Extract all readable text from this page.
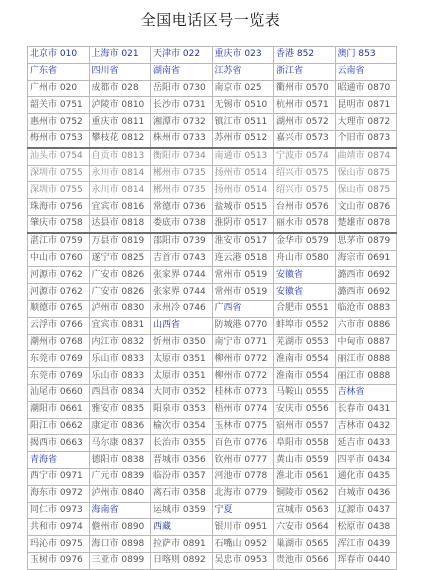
全国电话区号一览表
北京市 010	上海市 021	天津市 022	重庆市 023	香港 852	澳门 853
广东省	四川省	湖南省	江苏省	浙江省	云南省
广州市 020	成都市 028	岳阳市 0730	南京市 025	衢州市 0570	昭通市 0870
韶关市 0751	泸陵市 0810	长沙市 0731	无锡市 0510	杭州市 0571	昆明市 0871
惠州市 0752	重庆市 0811	湘潭市 0732	镇江市 0511	湖州市 0572	大理市 0872
梅州市 0753	攀枝花 0812	株州市 0733	苏州市 0512	嘉兴市 0573	个旧市 0873
汕头市 0754	自贡市 0813	衡阳市 0734	南通市 0513	宁波市 0574	曲靖市 0874
深圳市 0755	永川市 0814	郴州市 0735	扬州市 0514	绍兴市 0575	保山市 0875
深圳市 0755	永川市 0814	郴州市 0735	扬州市 0514	绍兴市 0575	保山市 0875
珠海市 0756	宜宾市 0816	常德市 0736	盐城市 0515	台州市 0576	文山市 0876
肇庆市 0758	达县市 0818	娄底市 0738	淮阴市 0517	丽水市 0578	楚雄市 0878
湛江市 0759	万县市 0819	邵阳市 0739	淮安市 0517	金华市 0579	思茅市 0879
中山市 0760	遂宁市 0825	吉首市 0743	连云港 0518	舟山市 0580	海宗市 0691
河源市 0762	广安市 0826	张家界 0744	常州市 0519	安徽省	潞西市 0692
河源市 0762	广安市 0826	张家界 0744	常州市 0519	安徽省	潞西市 0692
顺德市 0765	泸州市 0830	永州冷 0746	广西省	合肥市 0551	临沧市 0883
云浮市 0766	宜宾市 0831	山西省	防城港 0770	蚌埠市 0552	六市市 0886
潮州市 0768	内江市 0832	忻州市 0350	南宁市 0771	芜湖市 0553	中甸市 0887
东莞市 0769	乐山市 0833	太原市 0351	柳州市 0772	淮南市 0554	丽江市 0888
东莞市 0769	乐山市 0833	太原市 0351	柳州市 0772	淮南市 0554	丽江市 0888
汕尾市 0660	西昌市 0834	大同市 0352	桂林市 0773	马鞍山 0555	吉林省
潮阳市 0661	雅安市 0835	阳泉市 0353	梧州市 0774	安庆市 0556	长春市 0431
阳江市 0662	康定市 0836	榆次市 0354	玉林市 0775	宿州市 0557	吉林市 0432
揭西市 0663	马尔康 0837	长治市 0355	百色市 0776	阜阳市 0558	延吉市 0433
青海省	德阳市 0838	晋城市 0356	钦州市 0777	黄山市 0559	四平市 0434
西宁市 0971	广元市 0839	临汾市 0357	河池市 0778	淮北市 0561	通化市 0435
海东市 0972	泸州市 0840	离石市 0358	北海市 0779	铜陵市 0562	白城市 0436
同仁市 0973	海南省	运城市 0359	宁夏	宣城市 0563	辽源市 0437
共和市 0974	儋州市 0890	西藏	银川市 0951	六安市 0564	松原市 0438
玛沁市 0975	海口市 0898	拉萨市 0891	石嘴山 0952	巢湖市 0565	浑江市 0439
玉树市 0976	三亚市 0899	日喀则 0892	吴忠市 0953	贵池市 0566	珲春市 0440
